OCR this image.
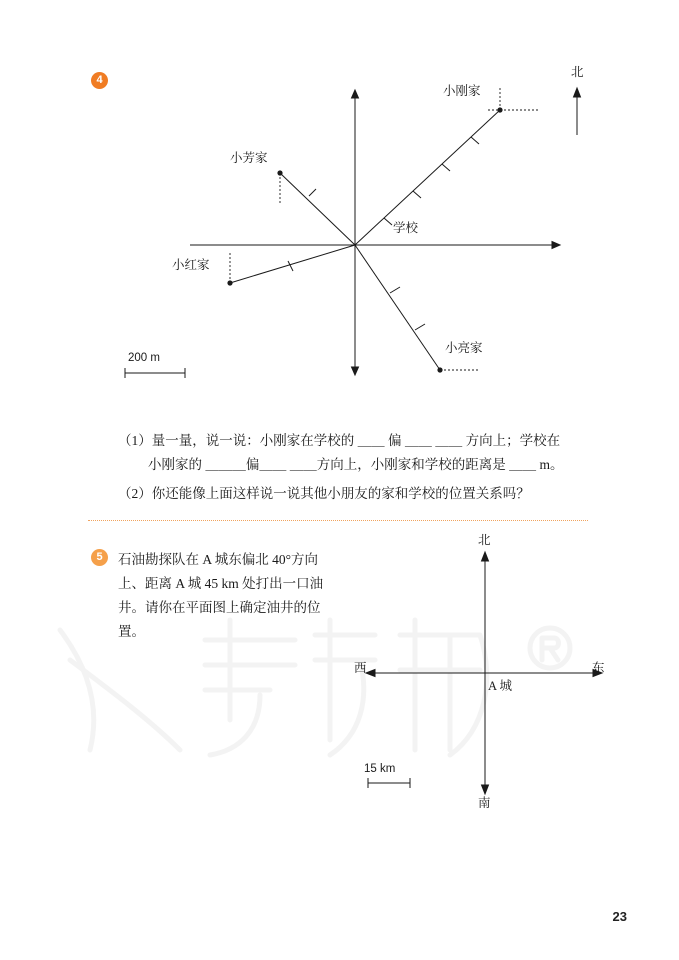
4
小刚家
小芳家
小红家
小亮家
学校
北
200 m
（1）量一量，说一说：小刚家在学校的 ＿＿ 偏 ＿＿ ＿＿ 方向上；学校在
小刚家的 ＿＿＿偏＿＿ ＿＿方向上，小刚家和学校的距离是 ＿＿ m。
（2）你还能像上面这样说一说其他小朋友的家和学校的位置关系吗？
5	石油勘探队在 A 城东偏北 40°方向上、距离 A 城 45 km 处打出一口油井。请你在平面图上确定油井的位置。
北
南
东
西
A 城
15 km
23
